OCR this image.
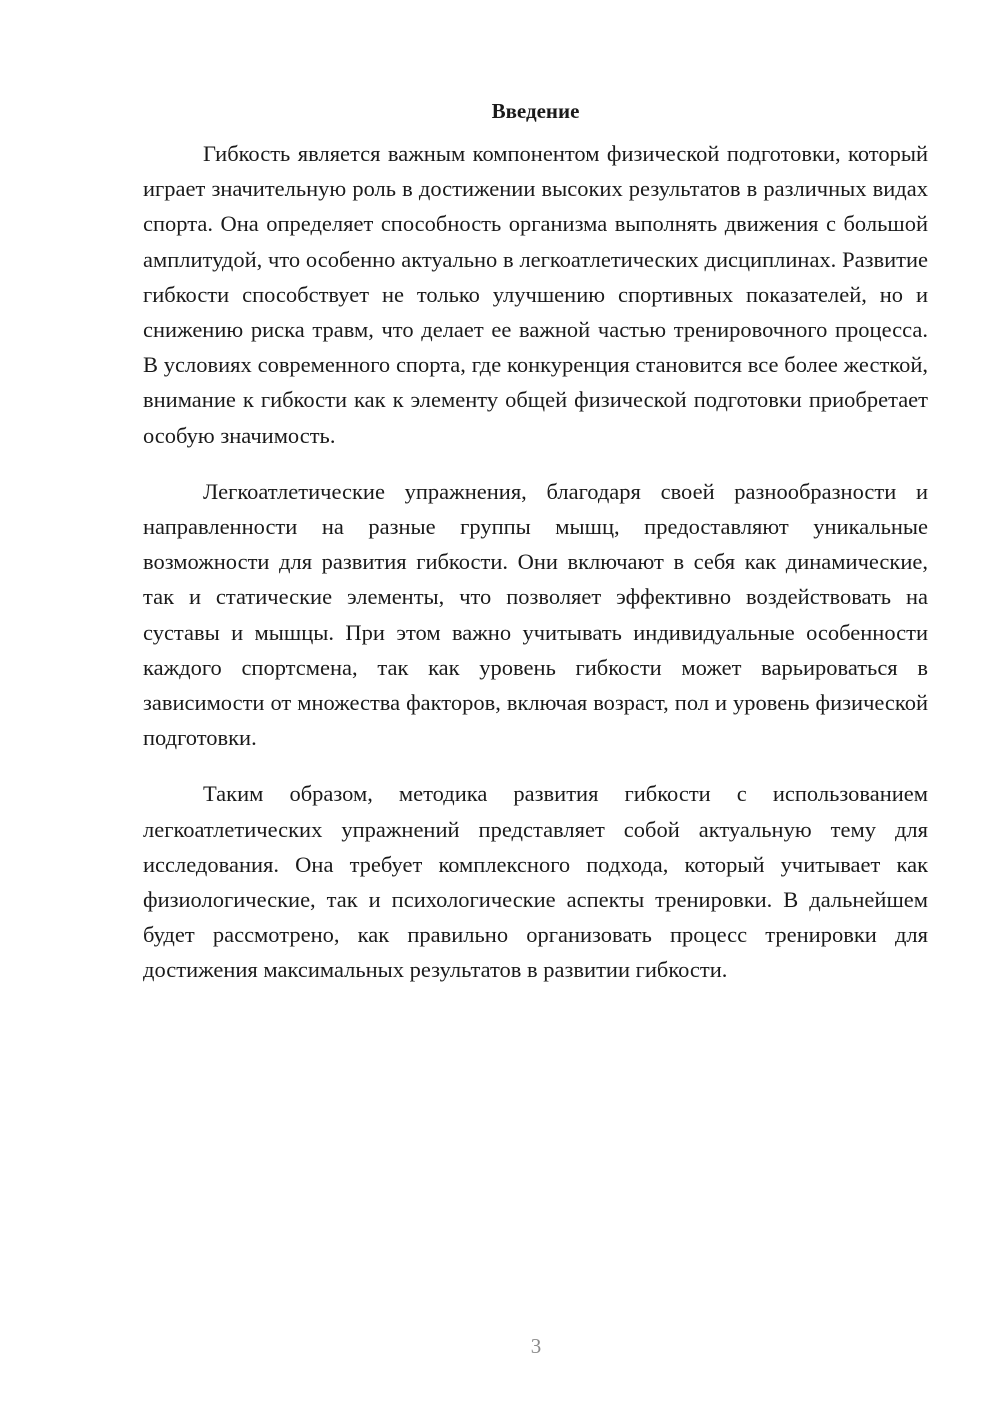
Введение

Гибкость является важным компонентом физической подготовки, который играет значительную роль в достижении высоких результатов в различных видах спорта. Она определяет способность организма выполнять движения с большой амплитудой, что особенно актуально в легкоатлетических дисциплинах. Развитие гибкости способствует не только улучшению спортивных показателей, но и снижению риска травм, что делает ее важной частью тренировочного процесса. В условиях современного спорта, где конкуренция становится все более жесткой, внимание к гибкости как к элементу общей физической подготовки приобретает особую значимость.

Легкоатлетические упражнения, благодаря своей разнообразности и направленности на разные группы мышц, предоставляют уникальные возможности для развития гибкости. Они включают в себя как динамические, так и статические элементы, что позволяет эффективно воздействовать на суставы и мышцы. При этом важно учитывать индивидуальные особенности каждого спортсмена, так как уровень гибкости может варьироваться в зависимости от множества факторов, включая возраст, пол и уровень физической подготовки.

Таким образом, методика развития гибкости с использованием легкоатлетических упражнений представляет собой актуальную тему для исследования. Она требует комплексного подхода, который учитывает как физиологические, так и психологические аспекты тренировки. В дальнейшем будет рассмотрено, как правильно организовать процесс тренировки для достижения максимальных результатов в развитии гибкости.

3
